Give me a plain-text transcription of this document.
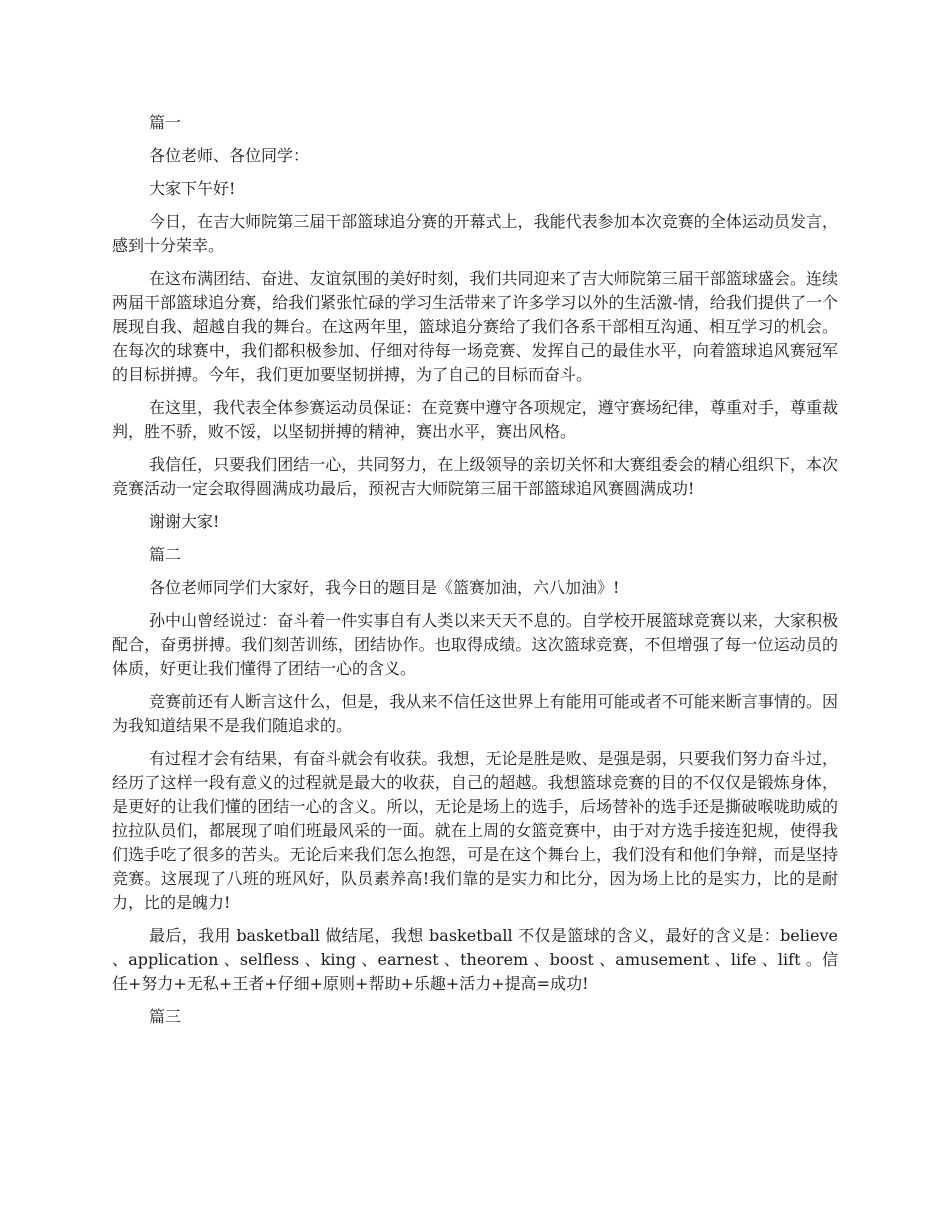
篇一

各位老师、各位同学：

大家下午好!

今日，在吉大师院第三届干部篮球追分赛的开幕式上，我能代表参加本次竞赛的全体运动员发言，感到十分荣幸。

在这布满团结、奋进、友谊氛围的美好时刻，我们共同迎来了吉大师院第三届干部篮球盛会。连续两届干部篮球追分赛，给我们紧张忙碌的学习生活带来了许多学习以外的生活激-情，给我们提供了一个展现自我、超越自我的舞台。在这两年里，篮球追分赛给了我们各系干部相互沟通、相互学习的机会。在每次的球赛中，我们都积极参加、仔细对待每一场竞赛、发挥自己的最佳水平，向着篮球追风赛冠军的目标拼搏。今年，我们更加要坚韧拼搏，为了自己的目标而奋斗。

在这里，我代表全体参赛运动员保证：在竞赛中遵守各项规定，遵守赛场纪律，尊重对手，尊重裁判，胜不骄，败不馁，以坚韧拼搏的精神，赛出水平，赛出风格。

我信任，只要我们团结一心，共同努力，在上级领导的亲切关怀和大赛组委会的精心组织下，本次竞赛活动一定会取得圆满成功最后，预祝吉大师院第三届干部篮球追风赛圆满成功!

谢谢大家!

篇二

各位老师同学们大家好，我今日的题目是《篮赛加油，六八加油》!

孙中山曾经说过：奋斗着一件实事自有人类以来天天不息的。自学校开展篮球竞赛以来，大家积极配合，奋勇拼搏。我们刻苦训练，团结协作。也取得成绩。这次篮球竞赛，不但增强了每一位运动员的体质，好更让我们懂得了团结一心的含义。

竞赛前还有人断言这什么，但是，我从来不信任这世界上有能用可能或者不可能来断言事情的。因为我知道结果不是我们随追求的。

有过程才会有结果，有奋斗就会有收获。我想，无论是胜是败、是强是弱，只要我们努力奋斗过，经历了这样一段有意义的过程就是最大的收获，自己的超越。我想篮球竞赛的目的不仅仅是锻炼身体，是更好的让我们懂的团结一心的含义。所以，无论是场上的选手，后场替补的选手还是撕破喉咙助威的拉拉队员们，都展现了咱们班最风采的一面。就在上周的女篮竞赛中，由于对方选手接连犯规，使得我们选手吃了很多的苦头。无论后来我们怎么抱怨，可是在这个舞台上，我们没有和他们争辩，而是坚持竞赛。这展现了八班的班风好，队员素养高!我们靠的是实力和比分，因为场上比的是实力，比的是耐力，比的是魄力!

最后，我用 basketball 做结尾，我想 basketball 不仅是篮球的含义，最好的含义是：believe 、application 、selfless 、king 、earnest 、theorem 、boost 、amusement 、life 、lift 。信任+努力+无私+王者+仔细+原则+帮助+乐趣+活力+提高=成功!

篇三
